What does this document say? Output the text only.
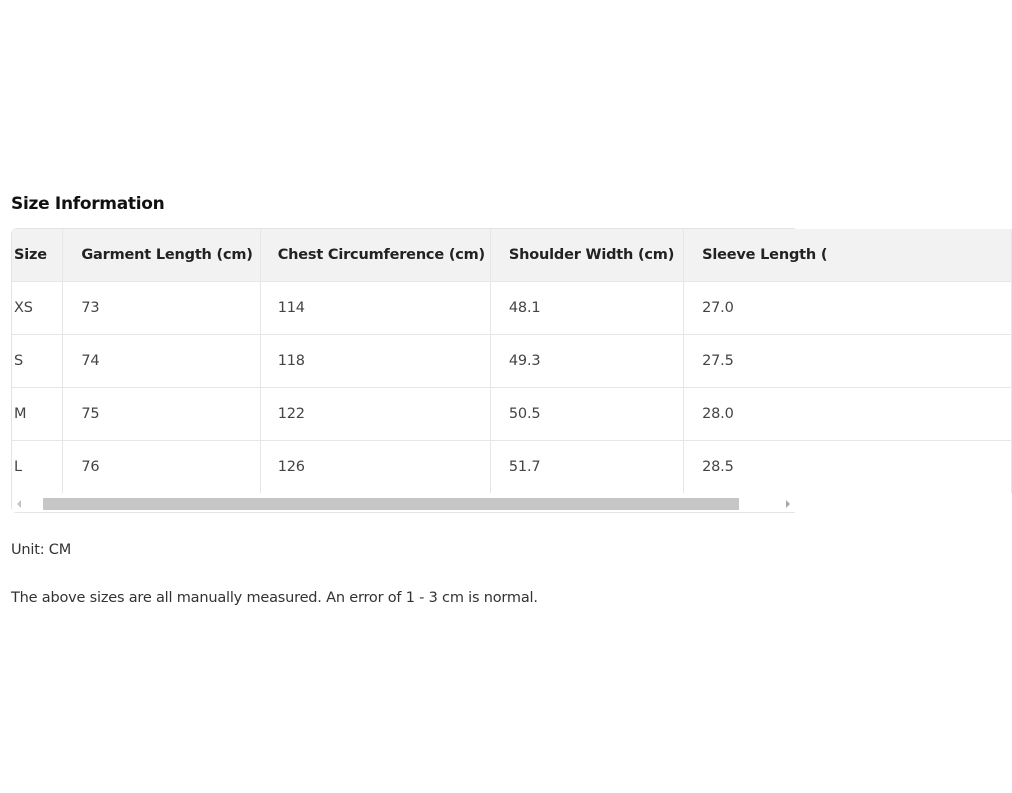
Size Information
Size	Garment Length (cm)	Chest Circumference (cm)	Shoulder Width (cm)	Sleeve Length (
XS	73	114	48.1	27.0
S	74	118	49.3	27.5
M	75	122	50.5	28.0
L	76	126	51.7	28.5

Unit: CM

The above sizes are all manually measured. An error of 1 - 3 cm is normal.
